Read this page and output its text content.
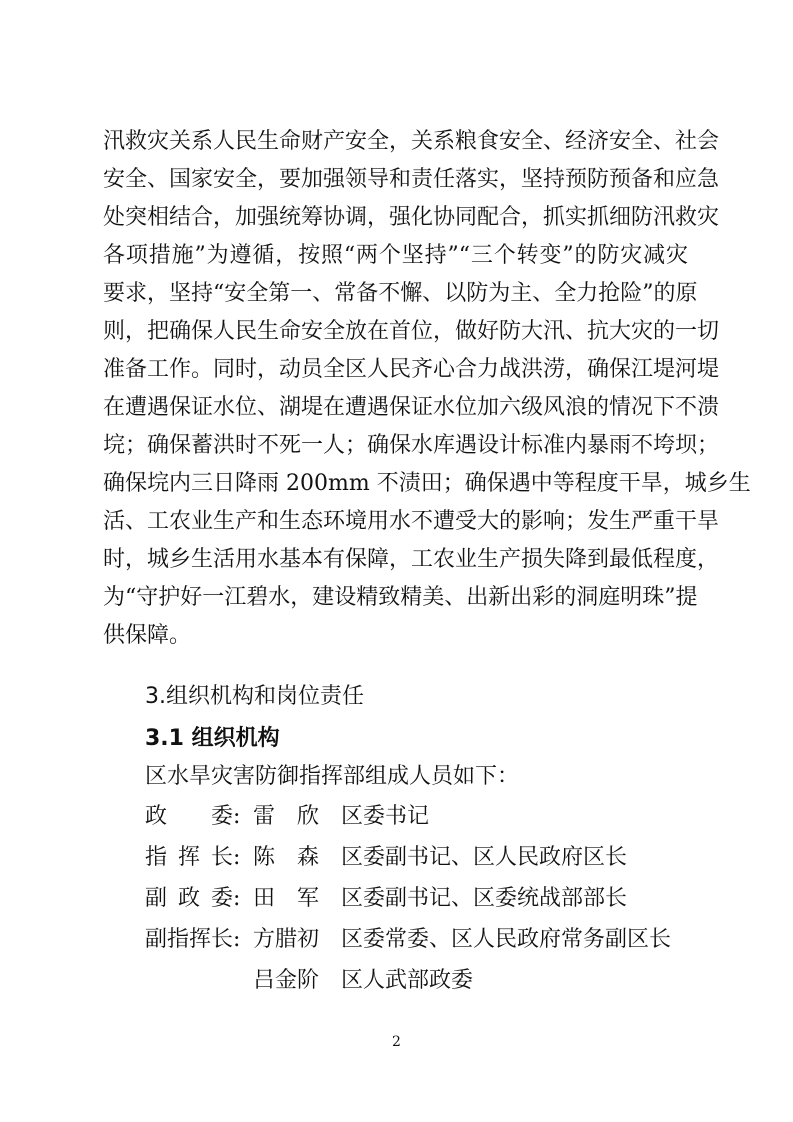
汛救灾关系人民生命财产安全，关系粮食安全、经济安全、社会
安全、国家安全，要加强领导和责任落实，坚持预防预备和应急
处突相结合，加强统筹协调，强化协同配合，抓实抓细防汛救灾
各项措施”为遵循，按照“两个坚持”“三个转变”的防灾减灾
要求，坚持“安全第一、常备不懈、以防为主、全力抢险”的原
则，把确保人民生命安全放在首位，做好防大汛、抗大灾的一切
准备工作。同时，动员全区人民齐心合力战洪涝，确保江堤河堤
在遭遇保证水位、湖堤在遭遇保证水位加六级风浪的情况下不溃
垸；确保蓄洪时不死一人；确保水库遇设计标准内暴雨不垮坝；
确保垸内三日降雨 200mm 不渍田；确保遇中等程度干旱，城乡生
活、工农业生产和生态环境用水不遭受大的影响；发生严重干旱
时，城乡生活用水基本有保障，工农业生产损失降到最低程度，
为“守护好一江碧水，建设精致精美、出新出彩的洞庭明珠”提
供保障。
3.组织机构和岗位责任
3.1 组织机构
区水旱灾害防御指挥部组成人员如下：
政委 : 雷欣 区委书记
指挥长 : 陈森 区委副书记、区人民政府区长
副政委 : 田军 区委副书记、区委统战部部长
副指挥长 : 方腊初 区委常委、区人民政府常务副区长
吕金阶 区人武部政委
2
